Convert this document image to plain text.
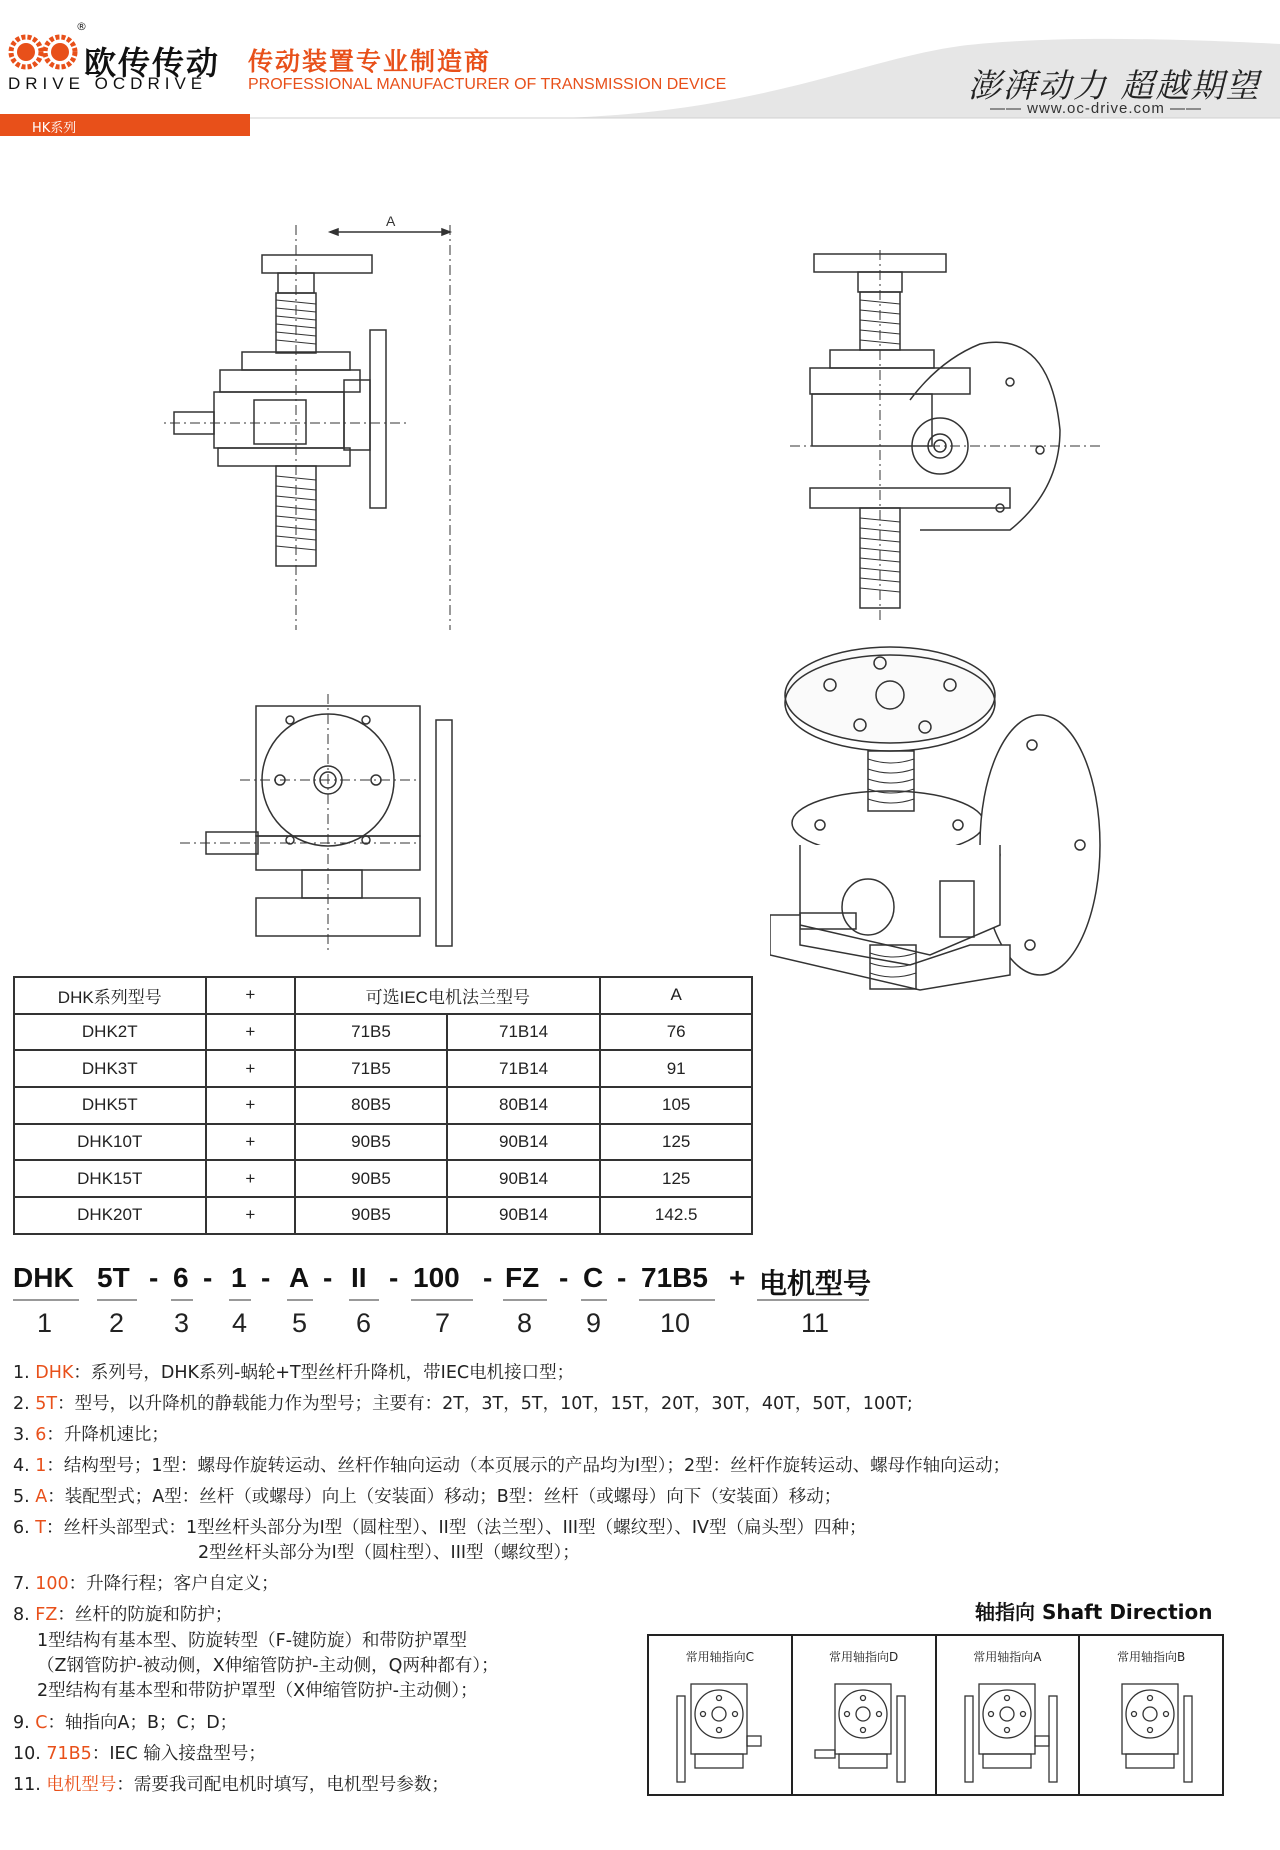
®
欧传传动
DRIVE OCDRIVE
传动装置专业制造商
PROFESSIONAL MANUFACTURER OF TRANSMISSION DEVICE	澎湃动力 超越期望
—— www.oc-drive.com ——
HK系列
A
DHK系列型号	+	可选IEC电机法兰型号		A
DHK2T	+	71B5	71B14	76
DHK3T	+	71B5	71B14	91
DHK5T	+	80B5	80B14	105
DHK10T	+	90B5	90B14	125
DHK15T	+	90B5	90B14	125
DHK20T	+	90B5	90B14	142.5
DHK 5T - 6 - 1 - A - II - 100 - FZ - C - 71B5 + 电机型号
1 2 3 4 5 6 7 8 9 10	11
1. DHK：系列号，DHK系列-蜗轮+T型丝杆升降机，带IEC电机接口型；
2. 5T：型号，以升降机的静载能力作为型号；主要有：2T，3T，5T，10T，15T，20T，30T，40T，50T，100T;
3. 6：升降机速比；
4. 1：结构型号；1型：螺母作旋转运动、丝杆作轴向运动（本页展示的产品均为I型）；2型：丝杆作旋转运动、螺母作轴向运动；
5. A：装配型式；A型：丝杆（或螺母）向上（安装面）移动；B型：丝杆（或螺母）向下（安装面）移动；
6. T：丝杆头部型式：1型丝杆头部分为I型（圆柱型）、II型（法兰型）、III型（螺纹型）、IV型（扁头型）四种；
2型丝杆头部分为I型（圆柱型）、III型（螺纹型）；
7. 100：升降行程；客户自定义；
8. FZ：丝杆的防旋和防护；
1型结构有基本型、防旋转型（F-键防旋）和带防护罩型
（Z钢管防护-被动侧，X伸缩管防护-主动侧，Q两种都有）；
2型结构有基本型和带防护罩型（X伸缩管防护-主动侧）；
9. C：轴指向A；B；C；D；
10. 71B5：IEC 输入接盘型号；
11. 电机型号：需要我司配电机时填写，电机型号参数；
轴指向 Shaft Direction
常用轴指向C	常用轴指向D	常用轴指向A	常用轴指向B
